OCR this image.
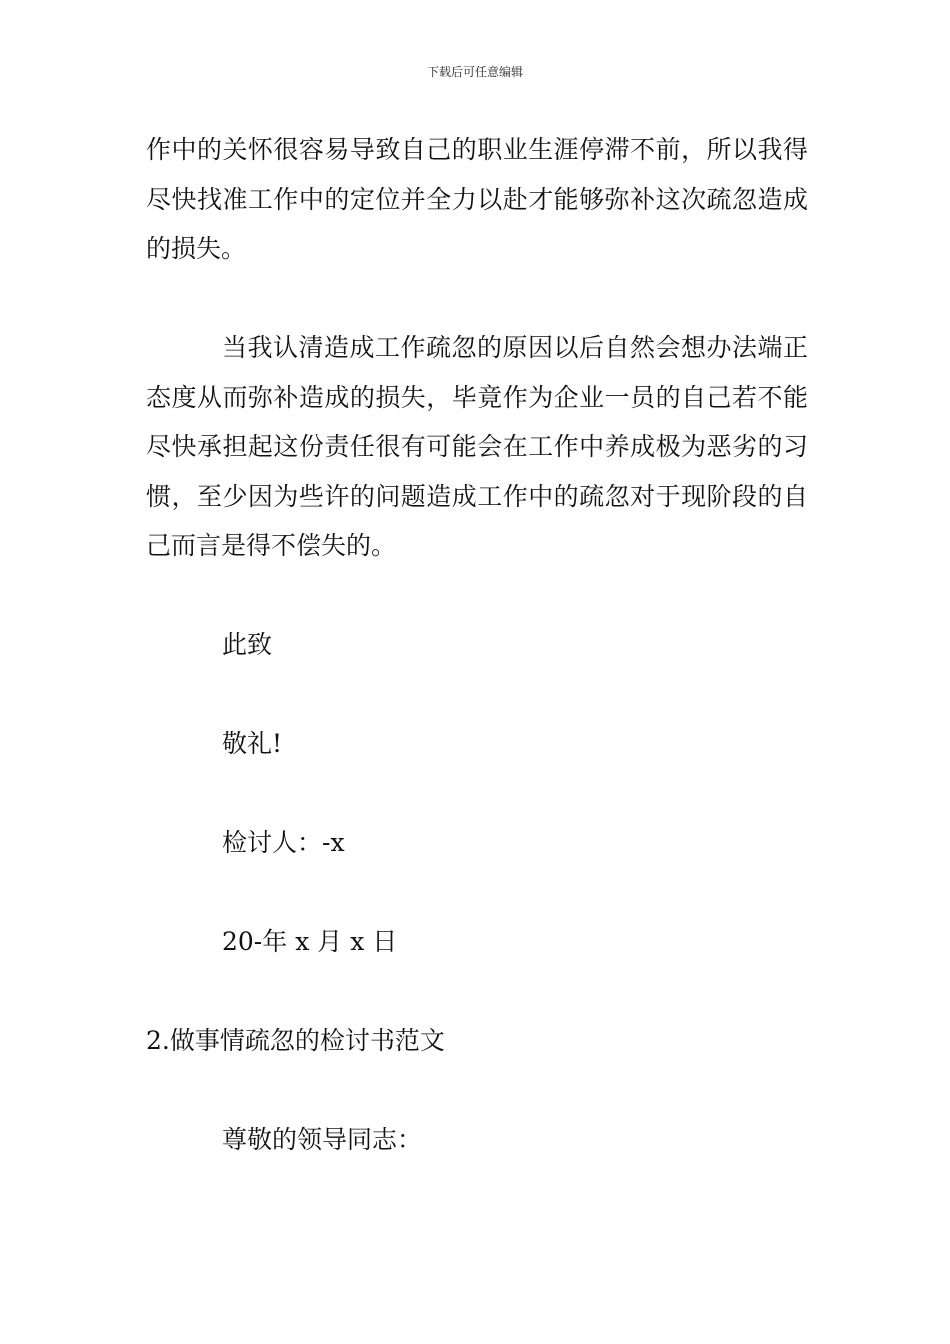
下载后可任意编辑

作中的关怀很容易导致自己的职业生涯停滞不前，所以我得尽快找准工作中的定位并全力以赴才能够弥补这次疏忽造成的损失。

当我认清造成工作疏忽的原因以后自然会想办法端正态度从而弥补造成的损失，毕竟作为企业一员的自己若不能尽快承担起这份责任很有可能会在工作中养成极为恶劣的习惯，至少因为些许的问题造成工作中的疏忽对于现阶段的自己而言是得不偿失的。

此致

敬礼!

检讨人：-x

20-年 x 月 x 日

2.做事情疏忽的检讨书范文

尊敬的领导同志：
